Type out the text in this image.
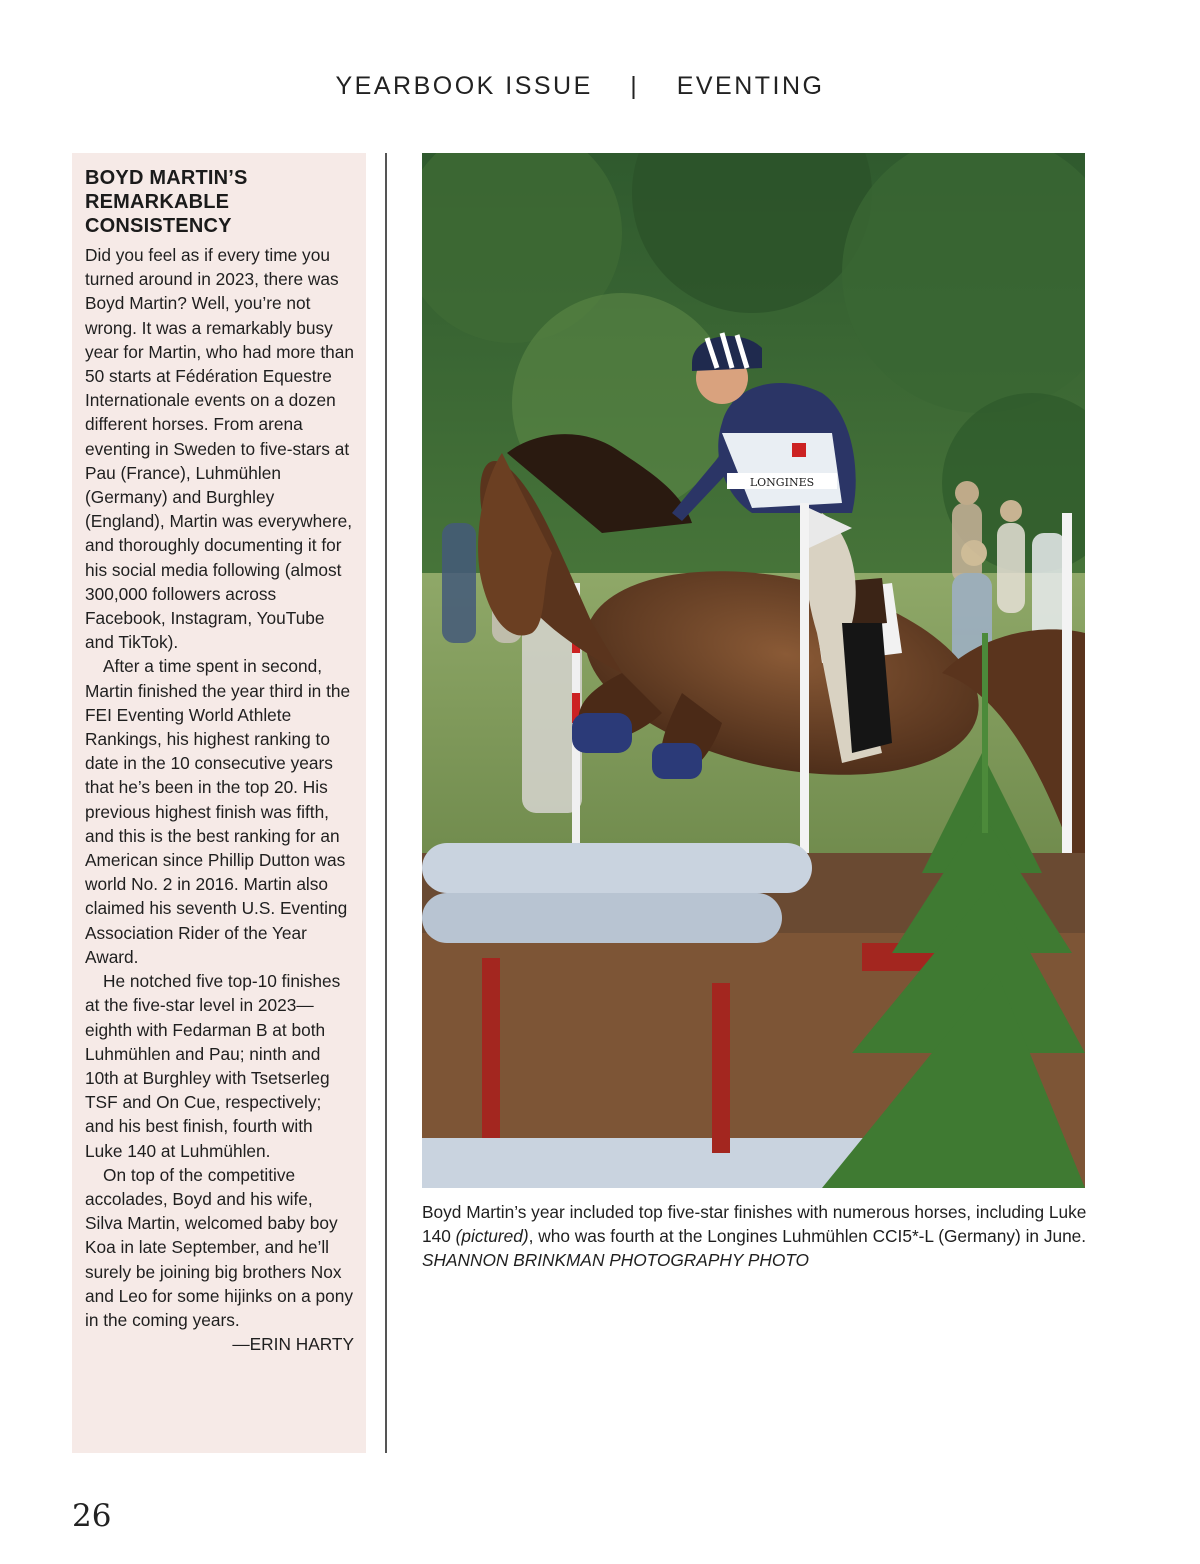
YEARBOOK ISSUE | EVENTING
BOYD MARTIN’S REMARKABLE CONSISTENCY

Did you feel as if every time you turned around in 2023, there was Boyd Martin? Well, you’re not wrong. It was a remarkably busy year for Martin, who had more than 50 starts at Fédération Equestre Internationale events on a dozen different horses. From arena eventing in Sweden to five-stars at Pau (France), Luhmühlen (Germany) and Burghley (England), Martin was everywhere, and thoroughly documenting it for his social media following (almost 300,000 followers across Facebook, Instagram, YouTube and TikTok).

After a time spent in second, Martin finished the year third in the FEI Eventing World Athlete Rankings, his highest ranking to date in the 10 consecutive years that he’s been in the top 20. His previous highest finish was fifth, and this is the best ranking for an American since Phillip Dutton was world No. 2 in 2016. Martin also claimed his seventh U.S. Eventing Association Rider of the Year Award.

He notched five top-10 finishes at the five-star level in 2023—eighth with Fedarman B at both Luhmühlen and Pau; ninth and 10th at Burghley with Tsetserleg TSF and On Cue, respectively; and his best finish, fourth with Luke 140 at Luhmühlen.

On top of the competitive accolades, Boyd and his wife, Silva Martin, welcomed baby boy Koa in late September, and he’ll surely be joining big brothers Nox and Leo for some hijinks on a pony in the coming years.

—ERIN HARTY

LONGINES
Boyd Martin’s year included top five-star finishes with numerous horses, including Luke 140 (pictured), who was fourth at the Longines Luhmühlen CCI5*-L (Germany) in June. SHANNON BRINKMAN PHOTOGRAPHY PHOTO
26
